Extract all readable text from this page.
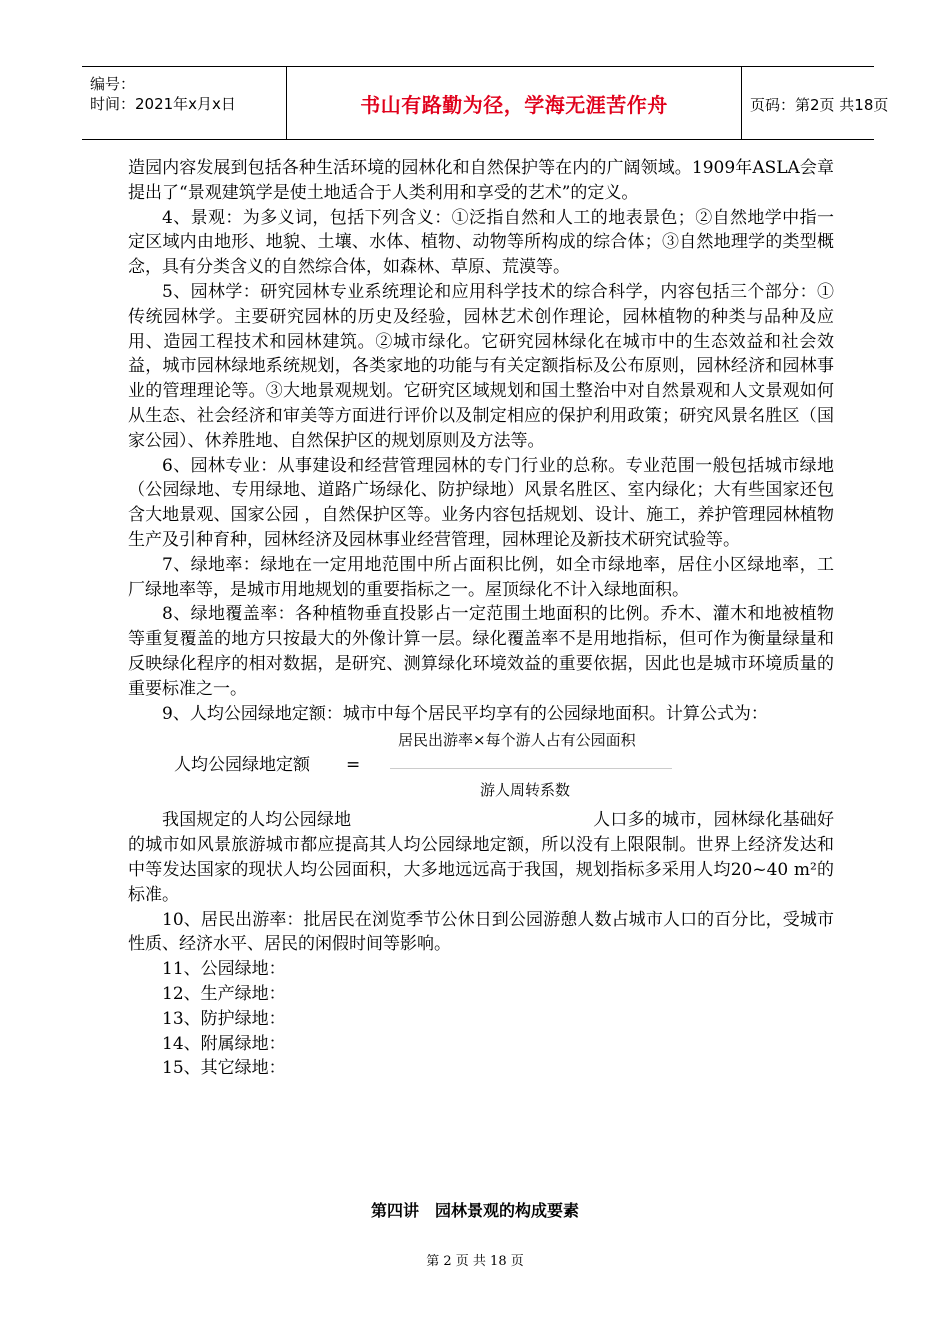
编号：
时间：2021年x月x日	书山有路勤为径，学海无涯苦作舟	页码：第2页 共18页

造园内容发展到包括各种生活环境的园林化和自然保护等在内的广阔领域。1909年ASLA会章提出了“景观建筑学是使土地适合于人类利用和享受的艺术”的定义。

4、景观：为多义词，包括下列含义：①泛指自然和人工的地表景色；②自然地学中指一定区域内由地形、地貌、土壤、水体、植物、动物等所构成的综合体；③自然地理学的类型概念，具有分类含义的自然综合体，如森林、草原、荒漠等。

5、园林学：研究园林专业系统理论和应用科学技术的综合科学，内容包括三个部分：①传统园林学。主要研究园林的历史及经验，园林艺术创作理论，园林植物的种类与品种及应用、造园工程技术和园林建筑。②城市绿化。它研究园林绿化在城市中的生态效益和社会效益，城市园林绿地系统规划，各类家地的功能与有关定额指标及公布原则，园林经济和园林事业的管理理论等。③大地景观规划。它研究区域规划和国土整治中对自然景观和人文景观如何从生态、社会经济和审美等方面进行评价以及制定相应的保护利用政策；研究风景名胜区（国家公园）、休养胜地、自然保护区的规划原则及方法等。

6、园林专业：从事建设和经营管理园林的专门行业的总称。专业范围一般包括城市绿地（公园绿地、专用绿地、道路广场绿化、防护绿地）风景名胜区、室内绿化；大有些国家还包含大地景观、国家公园 ，自然保护区等。业务内容包括规划、设计、施工，养护管理园林植物生产及引种育种，园林经济及园林事业经营管理，园林理论及新技术研究试验等。

7、绿地率：绿地在一定用地范围中所占面积比例，如全市绿地率，居住小区绿地率，工厂绿地率等，是城市用地规划的重要指标之一。屋顶绿化不计入绿地面积。

8、绿地覆盖率：各种植物垂直投影占一定范围土地面积的比例。乔木、灌木和地被植物等重复覆盖的地方只按最大的外像计算一层。绿化覆盖率不是用地指标，但可作为衡量绿量和反映绿化程序的相对数据，是研究、测算绿化环境效益的重要依据，因此也是城市环境质量的重要标准之一。

9、人均公园绿地定额：城市中每个居民平均享有的公园绿地面积。计算公式为：

人均公园绿地定额 =
居民出游率×每个游人占有公园面积
游人周转系数

我国规定的人均公园绿地                                           人口多的城市，园林绿化基础好的城市如风景旅游城市都应提高其人均公园绿地定额，所以没有上限限制。世界上经济发达和中等发达国家的现状人均公园面积，大多地远远高于我国，规划指标多采用人均20~40 m²的标准。

10、居民出游率：批居民在浏览季节公休日到公园游憩人数占城市人口的百分比，受城市性质、经济水平、居民的闲假时间等影响。

11、公园绿地：

12、生产绿地：

13、防护绿地：

14、附属绿地：

15、其它绿地：

第四讲　园林景观的构成要素
第 2 页 共 18 页
